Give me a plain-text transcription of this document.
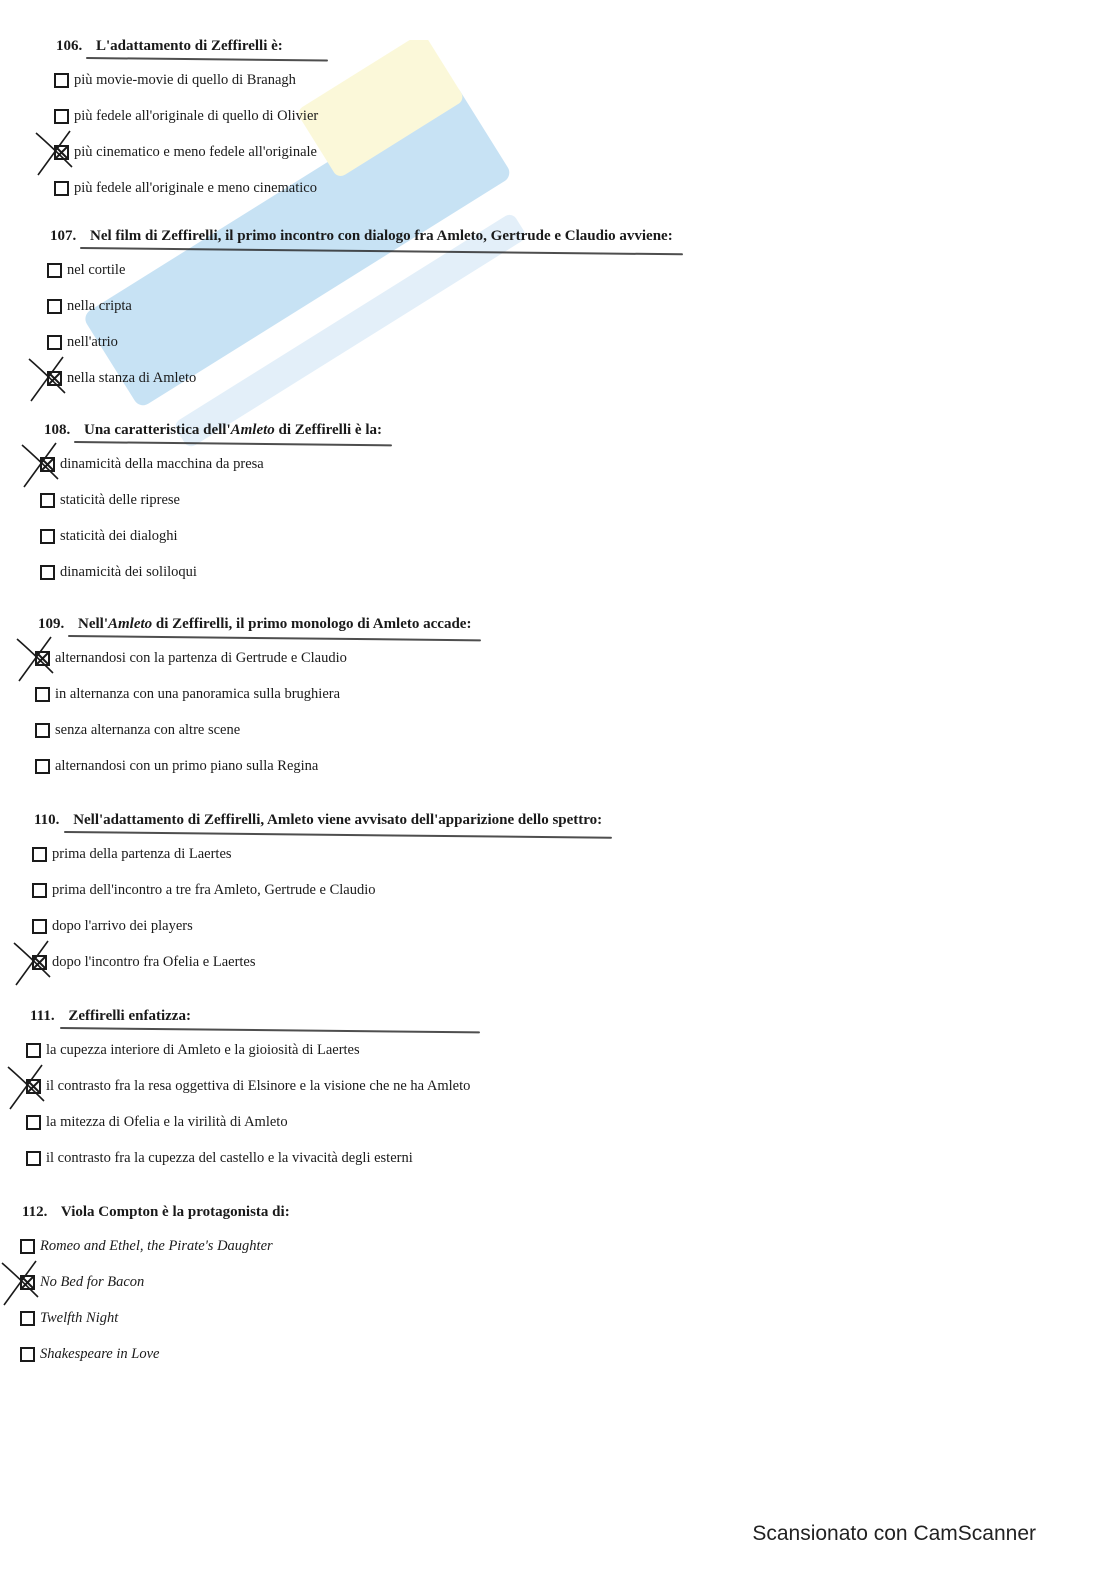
106. L'adattamento di Zeffirelli è:
più movie-movie di quello di Branagh
più fedele all'originale di quello di Olivier
più cinematico e meno fedele all'originale
più fedele all'originale e meno cinematico
107. Nel film di Zeffirelli, il primo incontro con dialogo fra Amleto, Gertrude e Claudio avviene:
nel cortile
nella cripta
nell'atrio
nella stanza di Amleto
108. Una caratteristica dell'Amleto di Zeffirelli è la:
dinamicità della macchina da presa
staticità delle riprese
staticità dei dialoghi
dinamicità dei soliloqui
109. Nell'Amleto di Zeffirelli, il primo monologo di Amleto accade:
alternandosi con la partenza di Gertrude e Claudio
in alternanza con una panoramica sulla brughiera
senza alternanza con altre scene
alternandosi con un primo piano sulla Regina
110. Nell'adattamento di Zeffirelli, Amleto viene avvisato dell'apparizione dello spettro:
prima della partenza di Laertes
prima dell'incontro a tre fra Amleto, Gertrude e Claudio
dopo l'arrivo dei players
dopo l'incontro fra Ofelia e Laertes
111. Zeffirelli enfatizza:
la cupezza interiore di Amleto e la gioiosità di Laertes
il contrasto fra la resa oggettiva di Elsinore e la visione che ne ha Amleto
la mitezza di Ofelia e la virilità di Amleto
il contrasto fra la cupezza del castello e la vivacità degli esterni
112. Viola Compton è la protagonista di:
Romeo and Ethel, the Pirate's Daughter
No Bed for Bacon
Twelfth Night
Shakespeare in Love
Scansionato con CamScanner
